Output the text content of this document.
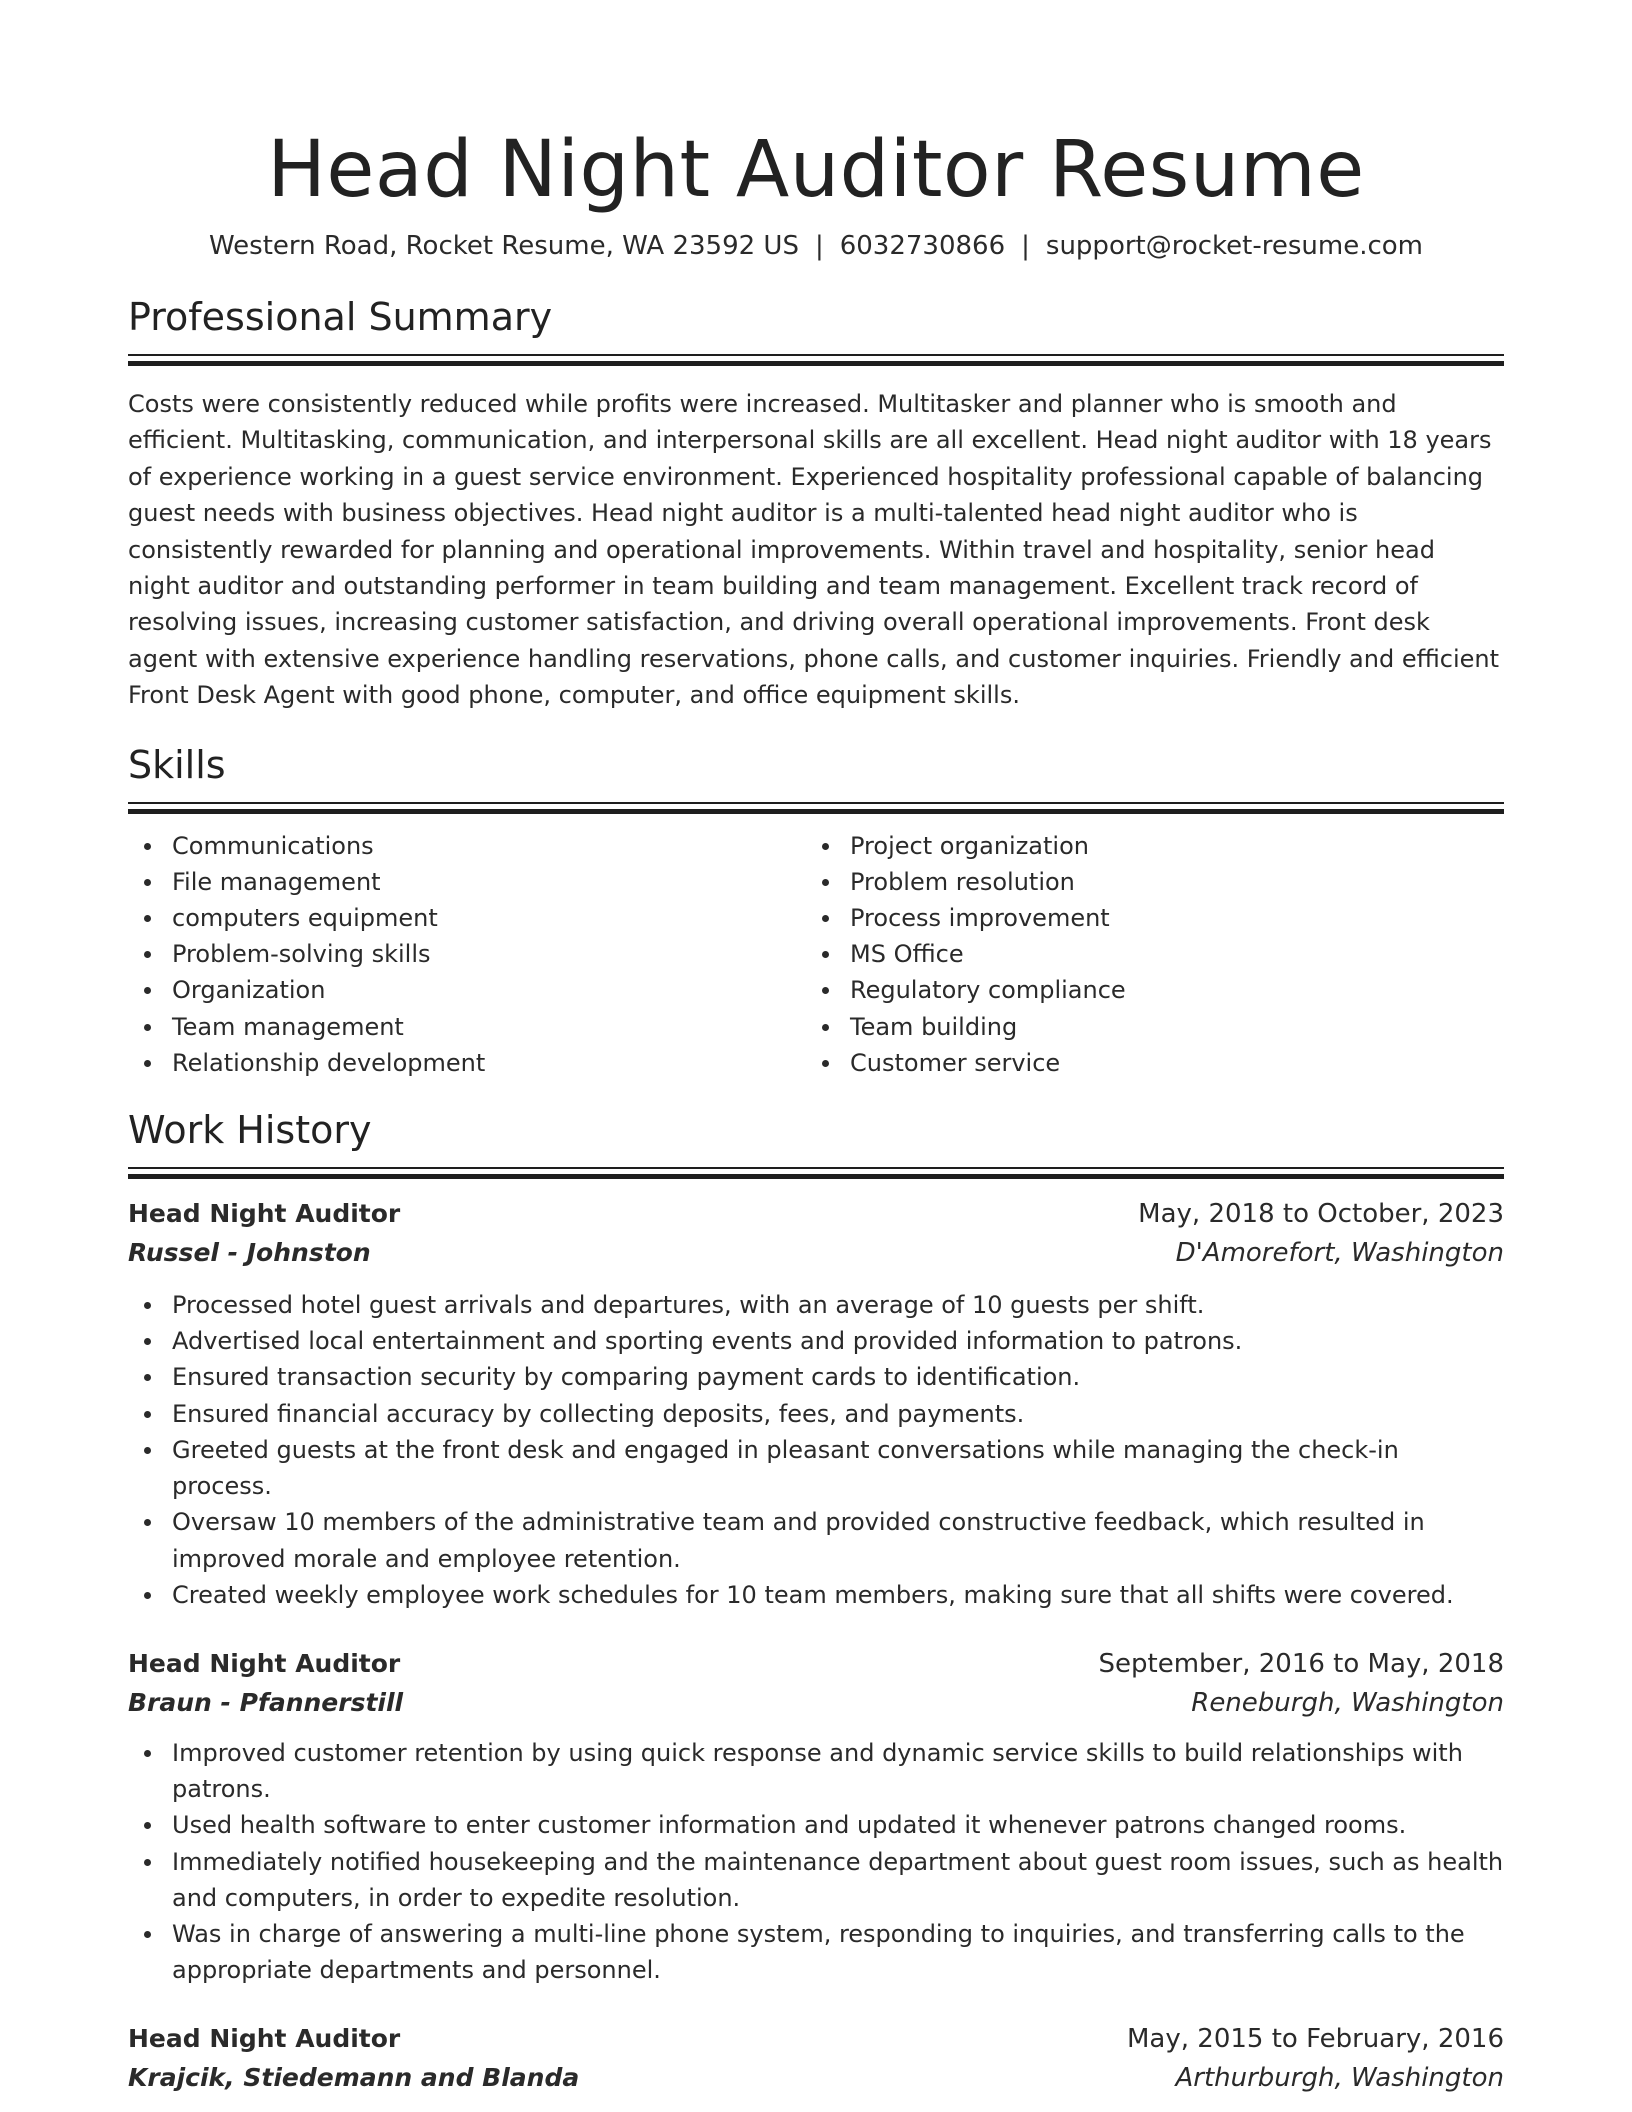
Head Night Auditor Resume
Western Road, Rocket Resume, WA 23592 US | 6032730866 | support@rocket-resume.com
Professional Summary

Costs were consistently reduced while profits were increased. Multitasker and planner who is smooth and efficient. Multitasking, communication, and interpersonal skills are all excellent. Head night auditor with 18 years of experience working in a guest service environment. Experienced hospitality professional capable of balancing guest needs with business objectives. Head night auditor is a multi-talented head night auditor who is consistently rewarded for planning and operational improvements. Within travel and hospitality, senior head night auditor and outstanding performer in team building and team management. Excellent track record of resolving issues, increasing customer satisfaction, and driving overall operational improvements. Front desk agent with extensive experience handling reservations, phone calls, and customer inquiries. Friendly and efficient Front Desk Agent with good phone, computer, and office equipment skills.

Skills
Communications
File management
computers equipment
Problem-solving skills
Organization
Team management
Relationship development
Project organization
Problem resolution
Process improvement
MS Office
Regulatory compliance
Team building
Customer service
Work History
Head Night Auditor	May, 2018 to October, 2023
Russel - Johnston	D'Amorefort, Washington
Processed hotel guest arrivals and departures, with an average of 10 guests per shift.
Advertised local entertainment and sporting events and provided information to patrons.
Ensured transaction security by comparing payment cards to identification.
Ensured financial accuracy by collecting deposits, fees, and payments.
Greeted guests at the front desk and engaged in pleasant conversations while managing the check-in process.
Oversaw 10 members of the administrative team and provided constructive feedback, which resulted in improved morale and employee retention.
Created weekly employee work schedules for 10 team members, making sure that all shifts were covered.
Head Night Auditor	September, 2016 to May, 2018
Braun - Pfannerstill	Reneburgh, Washington
Improved customer retention by using quick response and dynamic service skills to build relationships with patrons.
Used health software to enter customer information and updated it whenever patrons changed rooms.
Immediately notified housekeeping and the maintenance department about guest room issues, such as health and computers, in order to expedite resolution.
Was in charge of answering a multi-line phone system, responding to inquiries, and transferring calls to the appropriate departments and personnel.
Head Night Auditor	May, 2015 to February, 2016
Krajcik, Stiedemann and Blanda	Arthurburgh, Washington
